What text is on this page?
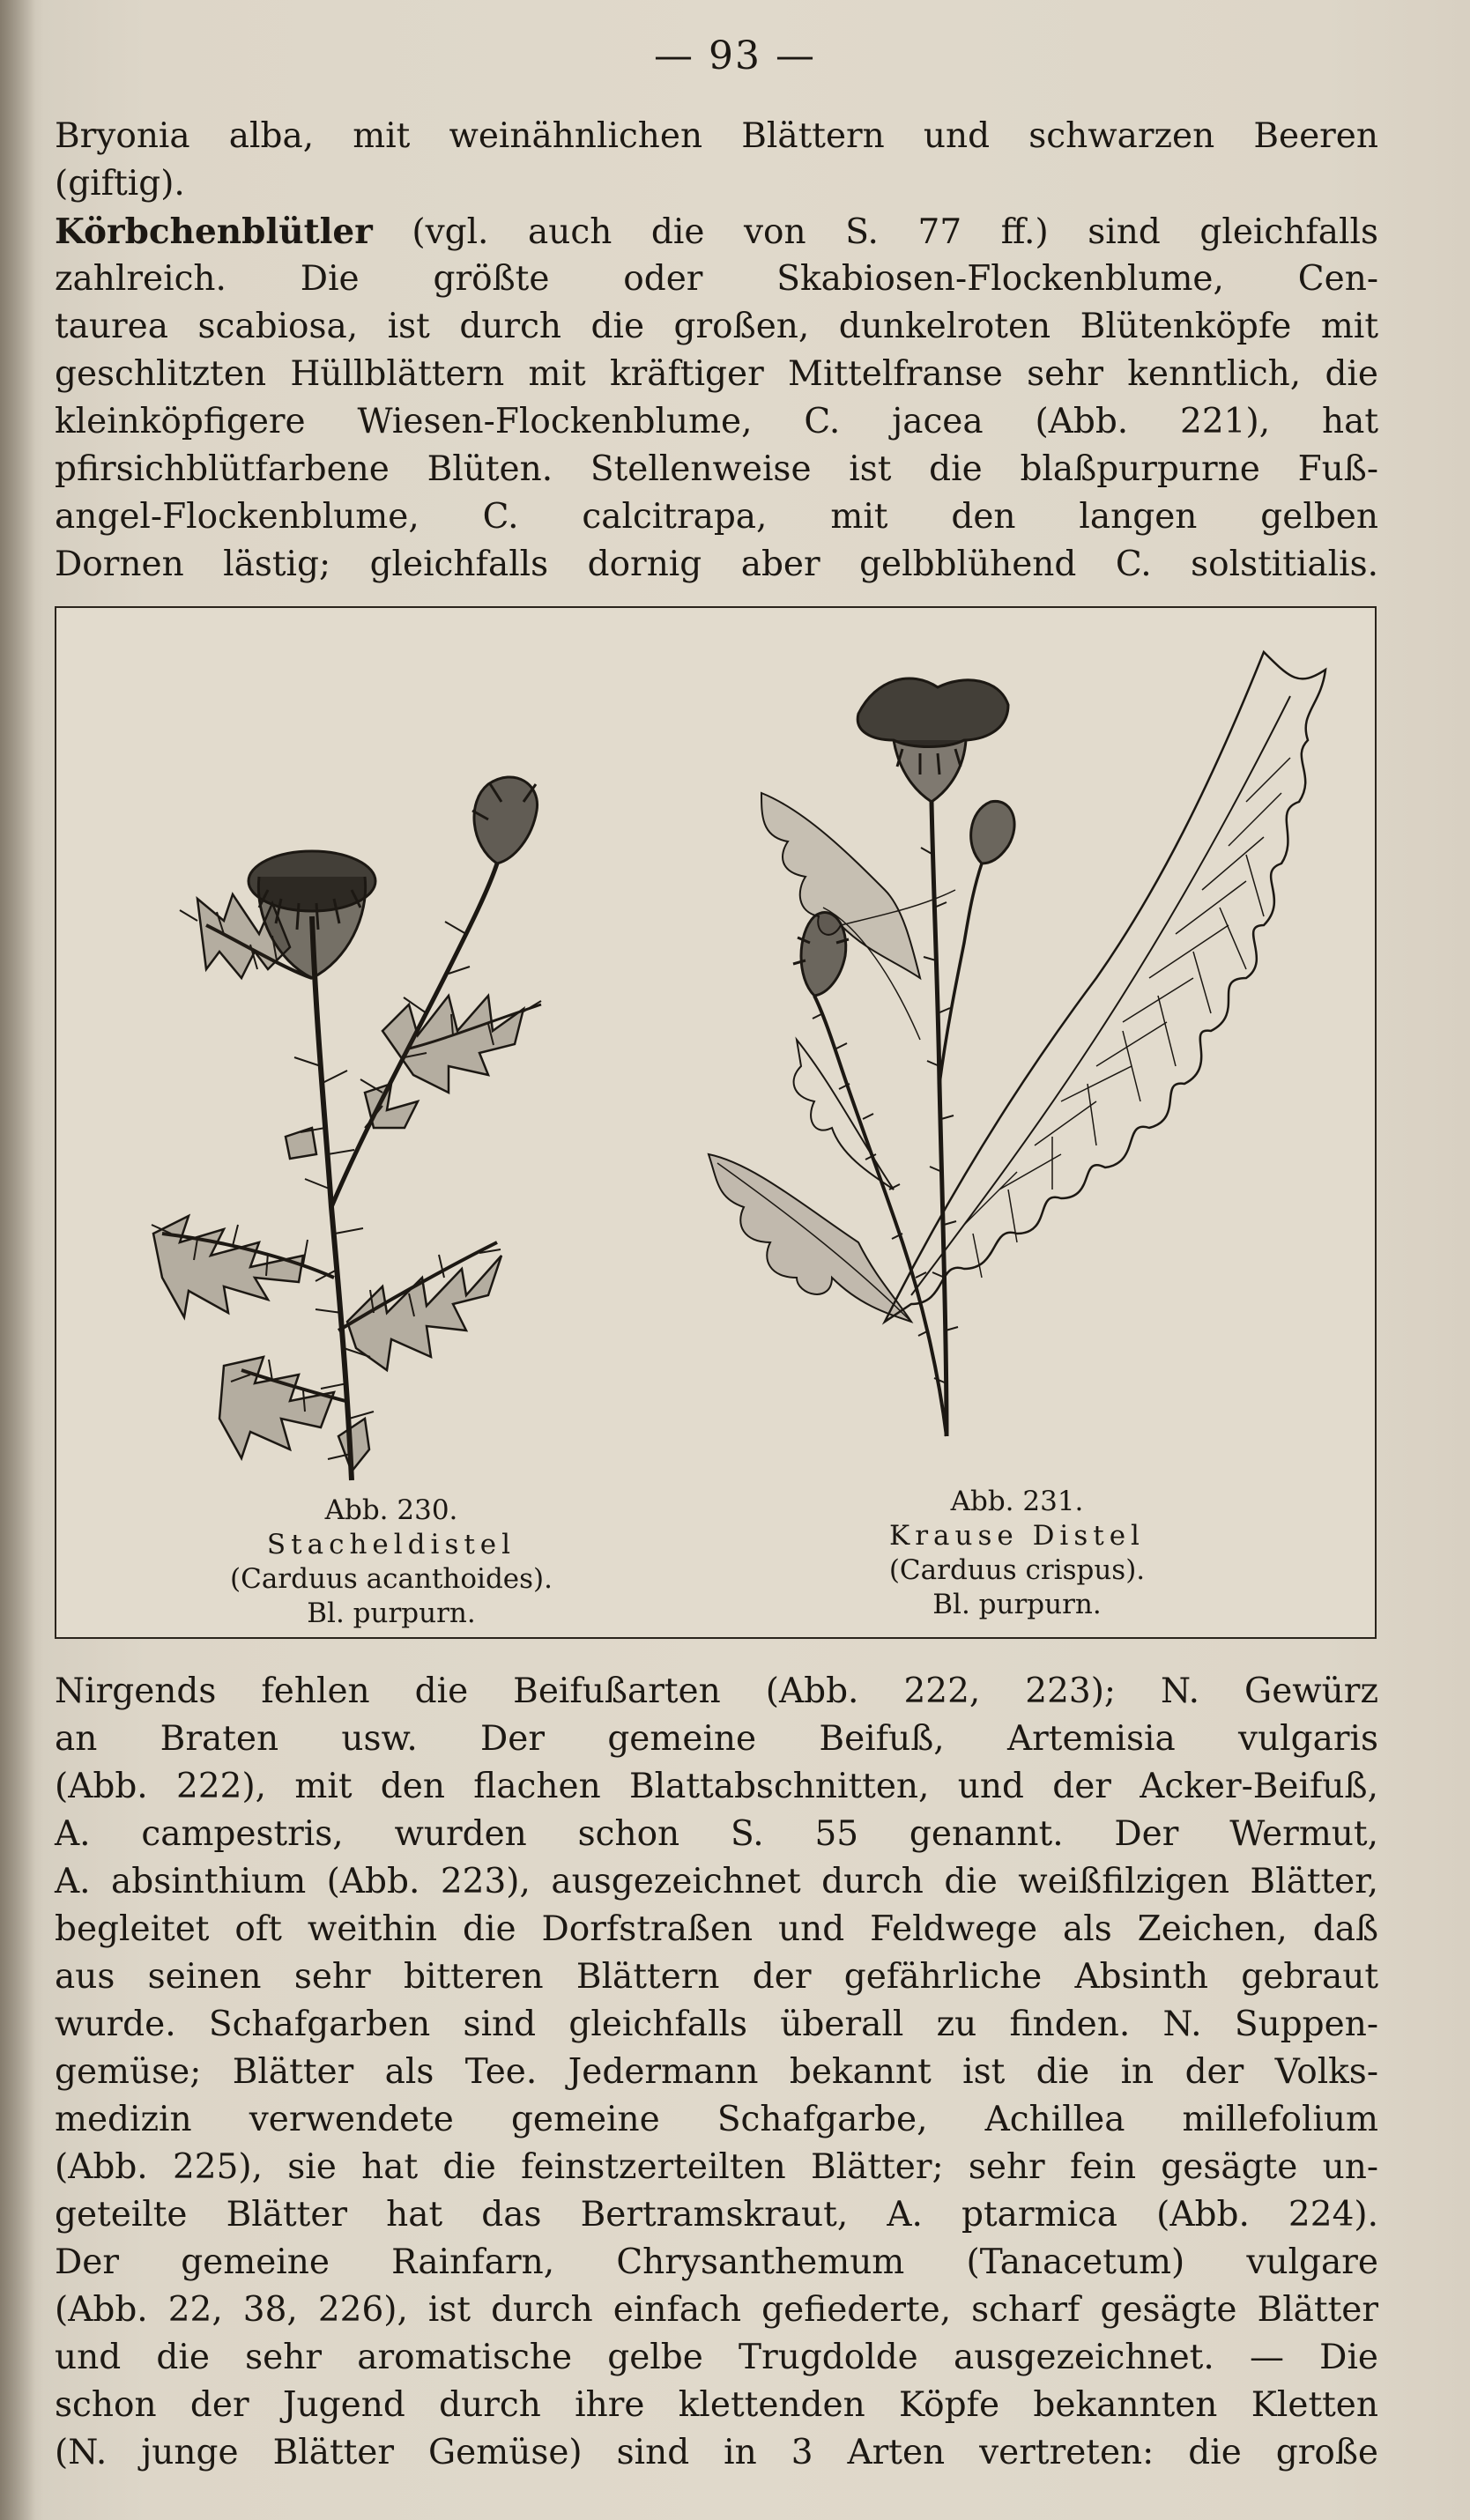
— 93 —
Bryonia alba, mit weinähnlichen Blättern und schwarzen Beeren
(giftig).
Körbchenblütler (vgl. auch die von S. 77 ff.) sind gleichfalls
zahlreich. Die größte oder Skabiosen-Flockenblume, Cen-
taurea scabiosa, ist durch die großen, dunkelroten Blütenköpfe mit
geschlitzten Hüllblättern mit kräftiger Mittelfranse sehr kenntlich, die
kleinköpfigere Wiesen-Flockenblume, C. jacea (Abb. 221), hat
pfirsichblütfarbene Blüten. Stellenweise ist die blaßpurpurne Fuß-
angel-Flockenblume, C. calcitrapa, mit den langen gelben
Dornen lästig; gleichfalls dornig aber gelbblühend C. solstitialis.
Abb. 230.
Stacheldistel
(Carduus acanthoides).
Bl. purpurn.
Abb. 231.
Krause Distel
(Carduus crispus).
Bl. purpurn.
Nirgends fehlen die Beifußarten (Abb. 222, 223); N. Gewürz
an Braten usw. Der gemeine Beifuß, Artemisia vulgaris
(Abb. 222), mit den flachen Blattabschnitten, und der Acker-Beifuß,
A. campestris, wurden schon S. 55 genannt. Der Wermut,
A. absinthium (Abb. 223), ausgezeichnet durch die weißfilzigen Blätter,
begleitet oft weithin die Dorfstraßen und Feldwege als Zeichen, daß
aus seinen sehr bitteren Blättern der gefährliche Absinth gebraut
wurde. Schafgarben sind gleichfalls überall zu finden. N. Suppen-
gemüse; Blätter als Tee. Jedermann bekannt ist die in der Volks-
medizin verwendete gemeine Schafgarbe, Achillea millefolium
(Abb. 225), sie hat die feinstzerteilten Blätter; sehr fein gesägte un-
geteilte Blätter hat das Bertramskraut, A. ptarmica (Abb. 224).
Der gemeine Rainfarn, Chrysanthemum (Tanacetum) vulgare
(Abb. 22, 38, 226), ist durch einfach gefiederte, scharf gesägte Blätter
und die sehr aromatische gelbe Trugdolde ausgezeichnet. — Die
schon der Jugend durch ihre klettenden Köpfe bekannten Kletten
(N. junge Blätter Gemüse) sind in 3 Arten vertreten: die große
